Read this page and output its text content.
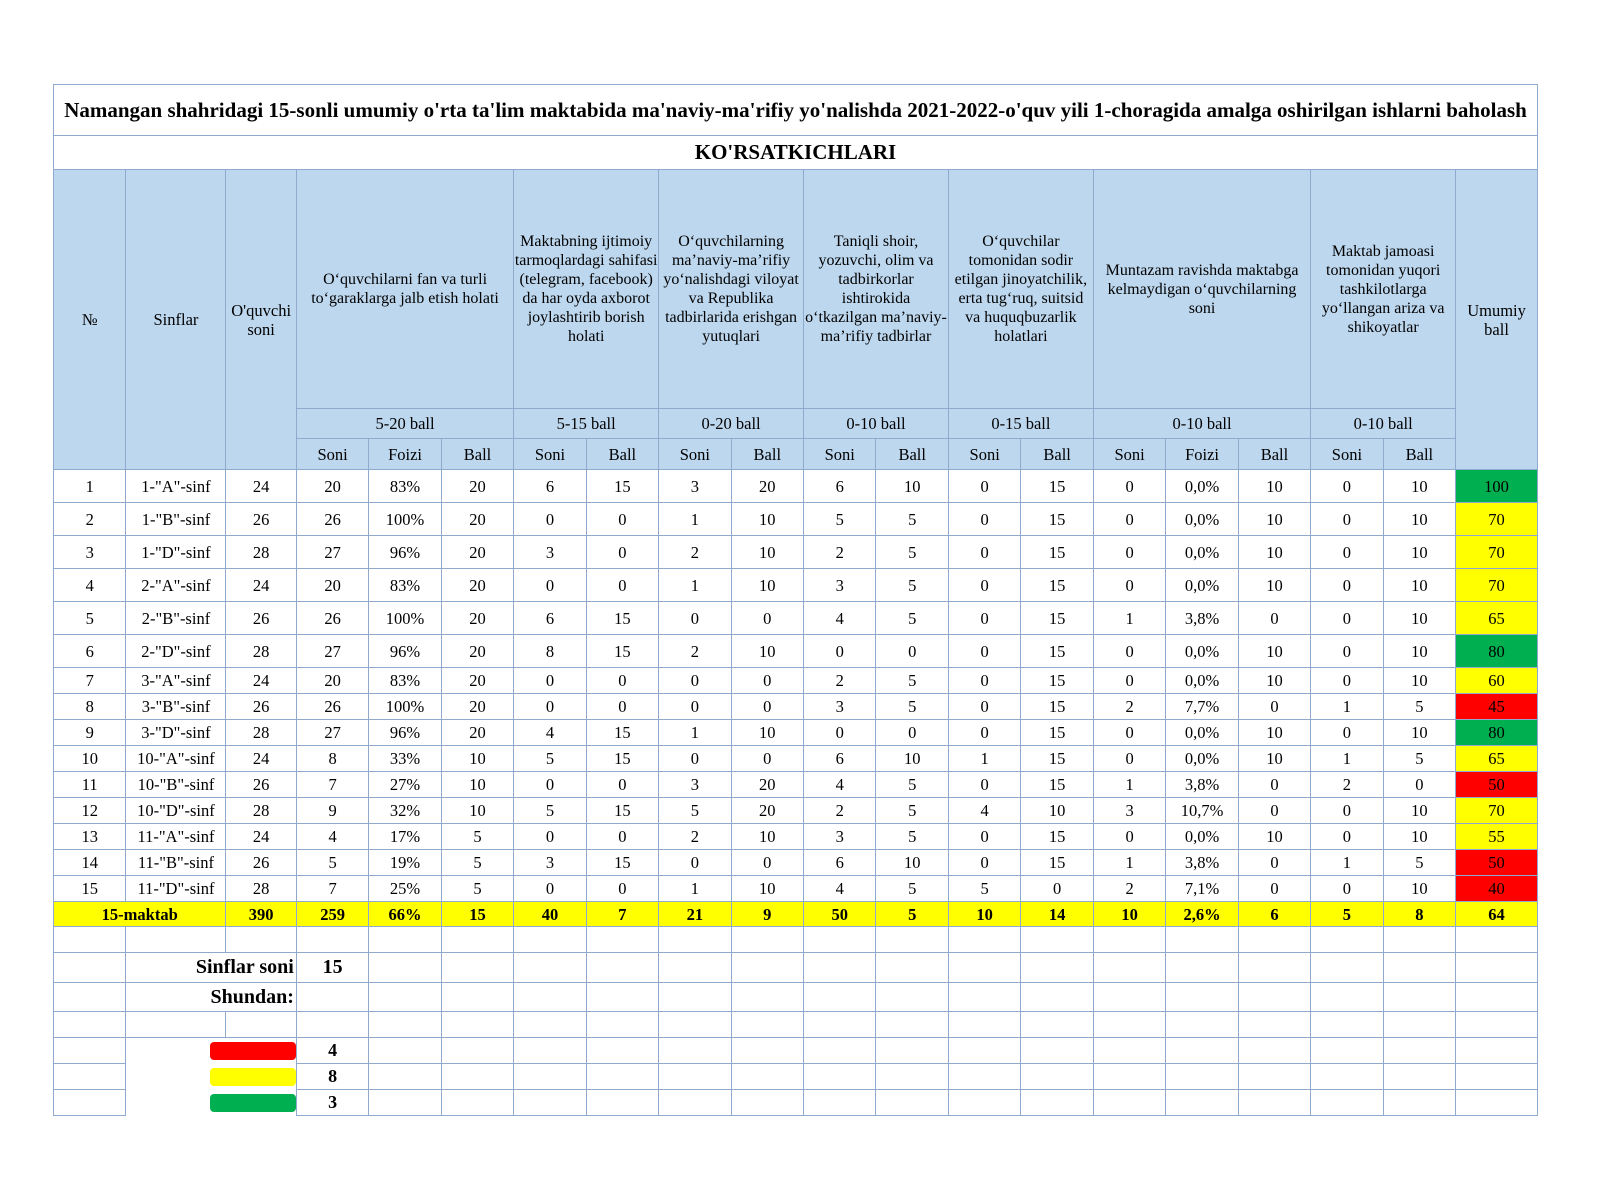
Namangan shahridagi 15-sonli umumiy o'rta ta'lim maktabida ma'naviy-ma'rifiy yo'nalishda 2021-2022-o'quv yili 1-choragida amalga oshirilgan ishlarni baholash																			
KO'RSATKICHLARI																			
№	Sinflar	O'quvchi soni	O‘quvchilarni fan va turli to‘garaklarga jalb etish holati			Maktabning ijtimoiy tarmoqlardagi sahifasi (telegram, facebook) da har oyda axborot joylashtirib borish holati		O‘quvchilarning ma’naviy-ma’rifiy yo‘nalishdagi viloyat va Republika tadbirlarida erishgan yutuqlari		Taniqli shoir, yozuvchi, olim va tadbirkorlar ishtirokida o‘tkazilgan ma’naviy-ma’rifiy tadbirlar		O‘quvchilar tomonidan sodir etilgan jinoyatchilik, erta tug‘ruq, suitsid va huquqbuzarlik holatlari		Muntazam ravishda maktabga kelmaydigan o‘quvchilarning soni			Maktab jamoasi tomonidan yuqori tashkilotlarga yo‘llangan ariza va shikoyatlar		Umumiy ball
			5-20 ball			5-15 ball		0-20 ball		0-10 ball		0-15 ball		0-10 ball			0-10 ball		
			Soni	Foizi	Ball	Soni	Ball	Soni	Ball	Soni	Ball	Soni	Ball	Soni	Foizi	Ball	Soni	Ball	
1	1-"A"-sinf	24	20	83%	20	6	15	3	20	6	10	0	15	0	0,0%	10	0	10	100
2	1-"B"-sinf	26	26	100%	20	0	0	1	10	5	5	0	15	0	0,0%	10	0	10	70
3	1-"D"-sinf	28	27	96%	20	3	0	2	10	2	5	0	15	0	0,0%	10	0	10	70
4	2-"A"-sinf	24	20	83%	20	0	0	1	10	3	5	0	15	0	0,0%	10	0	10	70
5	2-"B"-sinf	26	26	100%	20	6	15	0	0	4	5	0	15	1	3,8%	0	0	10	65
6	2-"D"-sinf	28	27	96%	20	8	15	2	10	0	0	0	15	0	0,0%	10	0	10	80
7	3-"A"-sinf	24	20	83%	20	0	0	0	0	2	5	0	15	0	0,0%	10	0	10	60
8	3-"B"-sinf	26	26	100%	20	0	0	0	0	3	5	0	15	2	7,7%	0	1	5	45
9	3-"D"-sinf	28	27	96%	20	4	15	1	10	0	0	0	15	0	0,0%	10	0	10	80
10	10-"A"-sinf	24	8	33%	10	5	15	0	0	6	10	1	15	0	0,0%	10	1	5	65
11	10-"B"-sinf	26	7	27%	10	0	0	3	20	4	5	0	15	1	3,8%	0	2	0	50
12	10-"D"-sinf	28	9	32%	10	5	15	5	20	2	5	4	10	3	10,7%	0	0	10	70
13	11-"A"-sinf	24	4	17%	5	0	0	2	10	3	5	0	15	0	0,0%	10	0	10	55
14	11-"B"-sinf	26	5	19%	5	3	15	0	0	6	10	0	15	1	3,8%	0	1	5	50
15	11-"D"-sinf	28	7	25%	5	0	0	1	10	4	5	5	0	2	7,1%	0	0	10	40
15-maktab		390	259	66%	15	40	7	21	9	50	5	10	14	10	2,6%	6	5	8	64

	Sinflar soni		15																
	Shundan:																		

		4																

		8																

		3																
